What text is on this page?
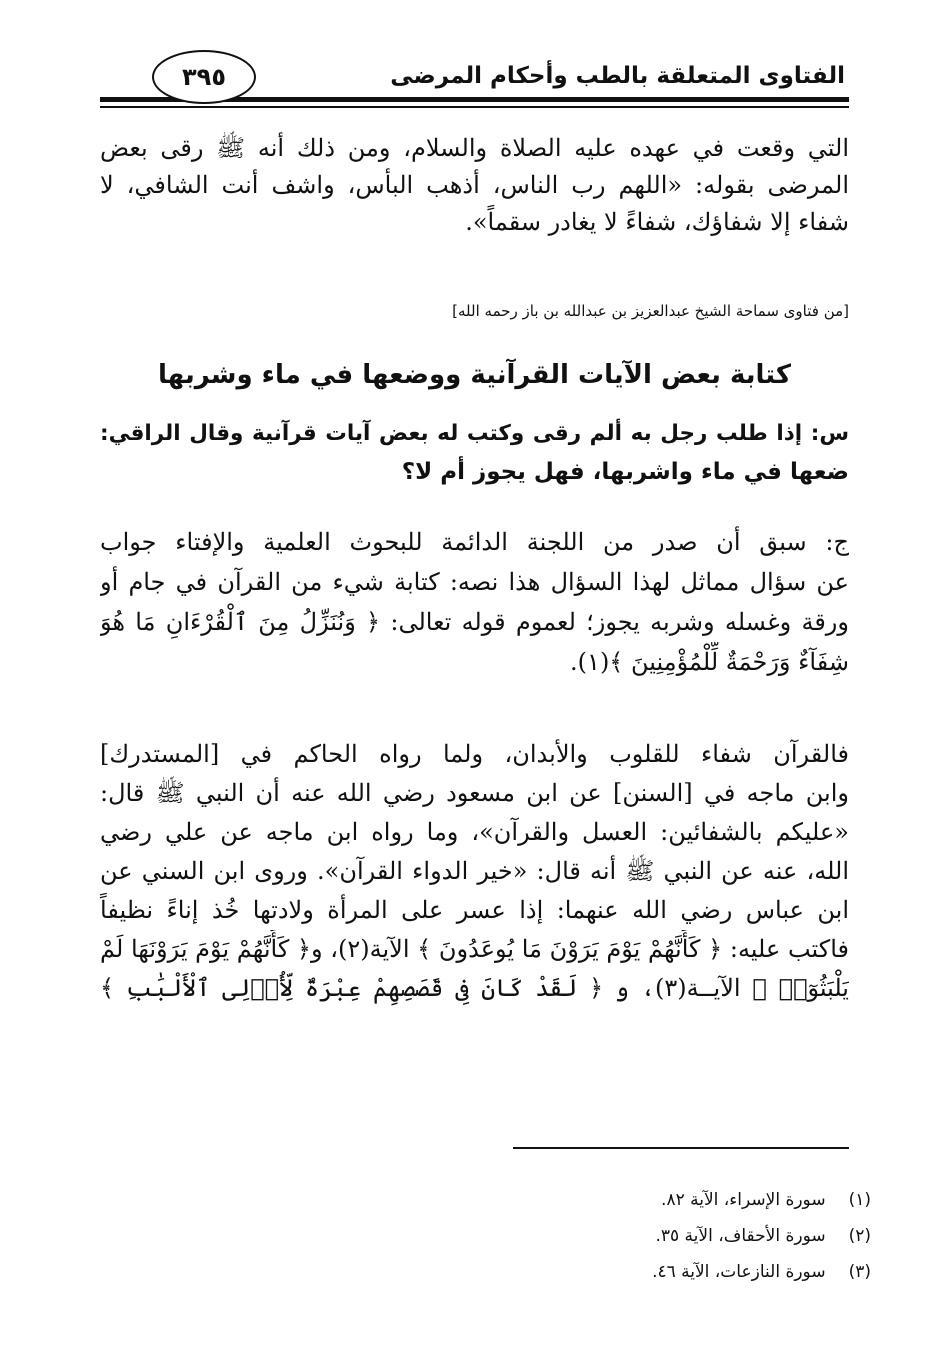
الفتاوى المتعلقة بالطب وأحكام المرضى
٣٩٥
التي وقعت في عهده عليه الصلاة والسلام، ومن ذلك أنه ﷺ رقى بعض
المرضى بقوله: «اللهم رب الناس، أذهب البأس، واشف أنت الشافي، لا
شفاء إلا شفاؤك، شفاءً لا يغادر سقماً».
[من فتاوى سماحة الشيخ عبدالعزيز بن عبدالله بن باز رحمه الله]
كتابة بعض الآيات القرآنية ووضعها في ماء وشربها
س: إذا طلب رجل به ألم رقى وكتب له بعض آيات قرآنية وقال الراقي:
ضعها في ماء واشربها، فهل يجوز أم لا؟
ج: سبق أن صدر من اللجنة الدائمة للبحوث العلمية والإفتاء جواب
عن سؤال مماثل لهذا السؤال هذا نصه: كتابة شيء من القرآن في جام أو
ورقة وغسله وشربه يجوز؛ لعموم قوله تعالى: ﴿ وَنُنَزِّلُ مِنَ ٱلْقُرْءَانِ مَا هُوَ
شِفَآءٌ وَرَحْمَةٌ لِّلْمُؤْمِنِينَ ﴾(١).
فالقرآن شفاء للقلوب والأبدان، ولما رواه الحاكم في [المستدرك]
وابن ماجه في [السنن] عن ابن مسعود رضي الله عنه أن النبي ﷺ قال:
«عليكم بالشفائين: العسل والقرآن»، وما رواه ابن ماجه عن علي رضي
الله، عنه عن النبي ﷺ أنه قال: «خير الدواء القرآن». وروى ابن السني عن
ابن عباس رضي الله عنهما: إذا عسر على المرأة ولادتها خُذ إناءً نظيفاً
فاكتب عليه: ﴿ كَأَنَّهُمْ يَوْمَ يَرَوْنَ مَا يُوعَدُونَ ﴾ الآية(٢)، و﴿ كَأَنَّهُمْ يَوْمَ يَرَوْنَهَا لَمْ
يَلْبَثُوٓا۟ ﴾ الآيــة(٣)، و ﴿ لَقَدْ كَانَ فِى قَصَصِهِمْ عِبْرَةٌ لِّأُو۟لِى ٱلْأَلْبَٰبِ ﴾
(١) سورة الإسراء، الآية ٨٢.
(٢) سورة الأحقاف، الآية ٣٥.
(٣) سورة النازعات، الآية ٤٦.
